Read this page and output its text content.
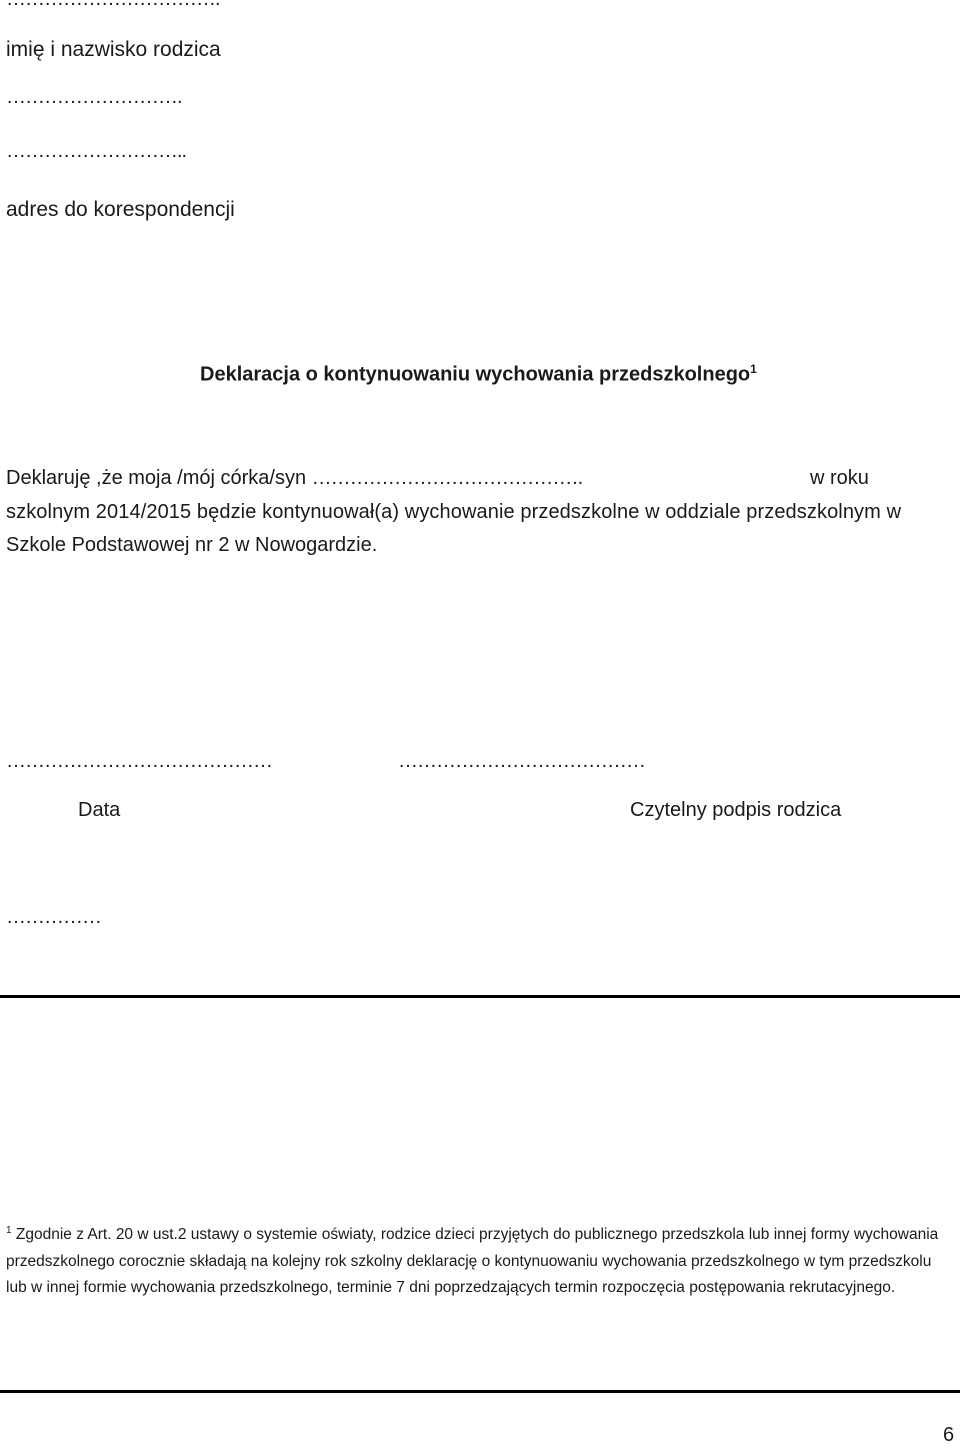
imię i nazwisko rodzica
……………………….
………………………..
adres do korespondencji
Deklaracja o kontynuowaniu wychowania przedszkolnego$^1$
Deklaruję ,że moja /mój córka/syn …………………………………….	w roku
szkolnym 2014/2015 będzie kontynuował(a) wychowanie przedszkolne w oddziale przedszkolnym w
Szkole Podstawowej nr 2 w Nowogardzie.
……………………………………	…………………………………
Data	Czytelny podpis rodzica
……………
$^1$ Zgodnie z Art. 20 w ust.2 ustawy o systemie oświaty, rodzice dzieci przyjętych do publicznego przedszkola lub innej formy wychowania przedszkolnego corocznie składają na kolejny rok szkolny deklarację o kontynuowaniu wychowania przedszkolnego w tym przedszkolu lub w innej formie wychowania przedszkolnego, terminie 7 dni poprzedzających termin rozpoczęcia postępowania rekrutacyjnego.
6
